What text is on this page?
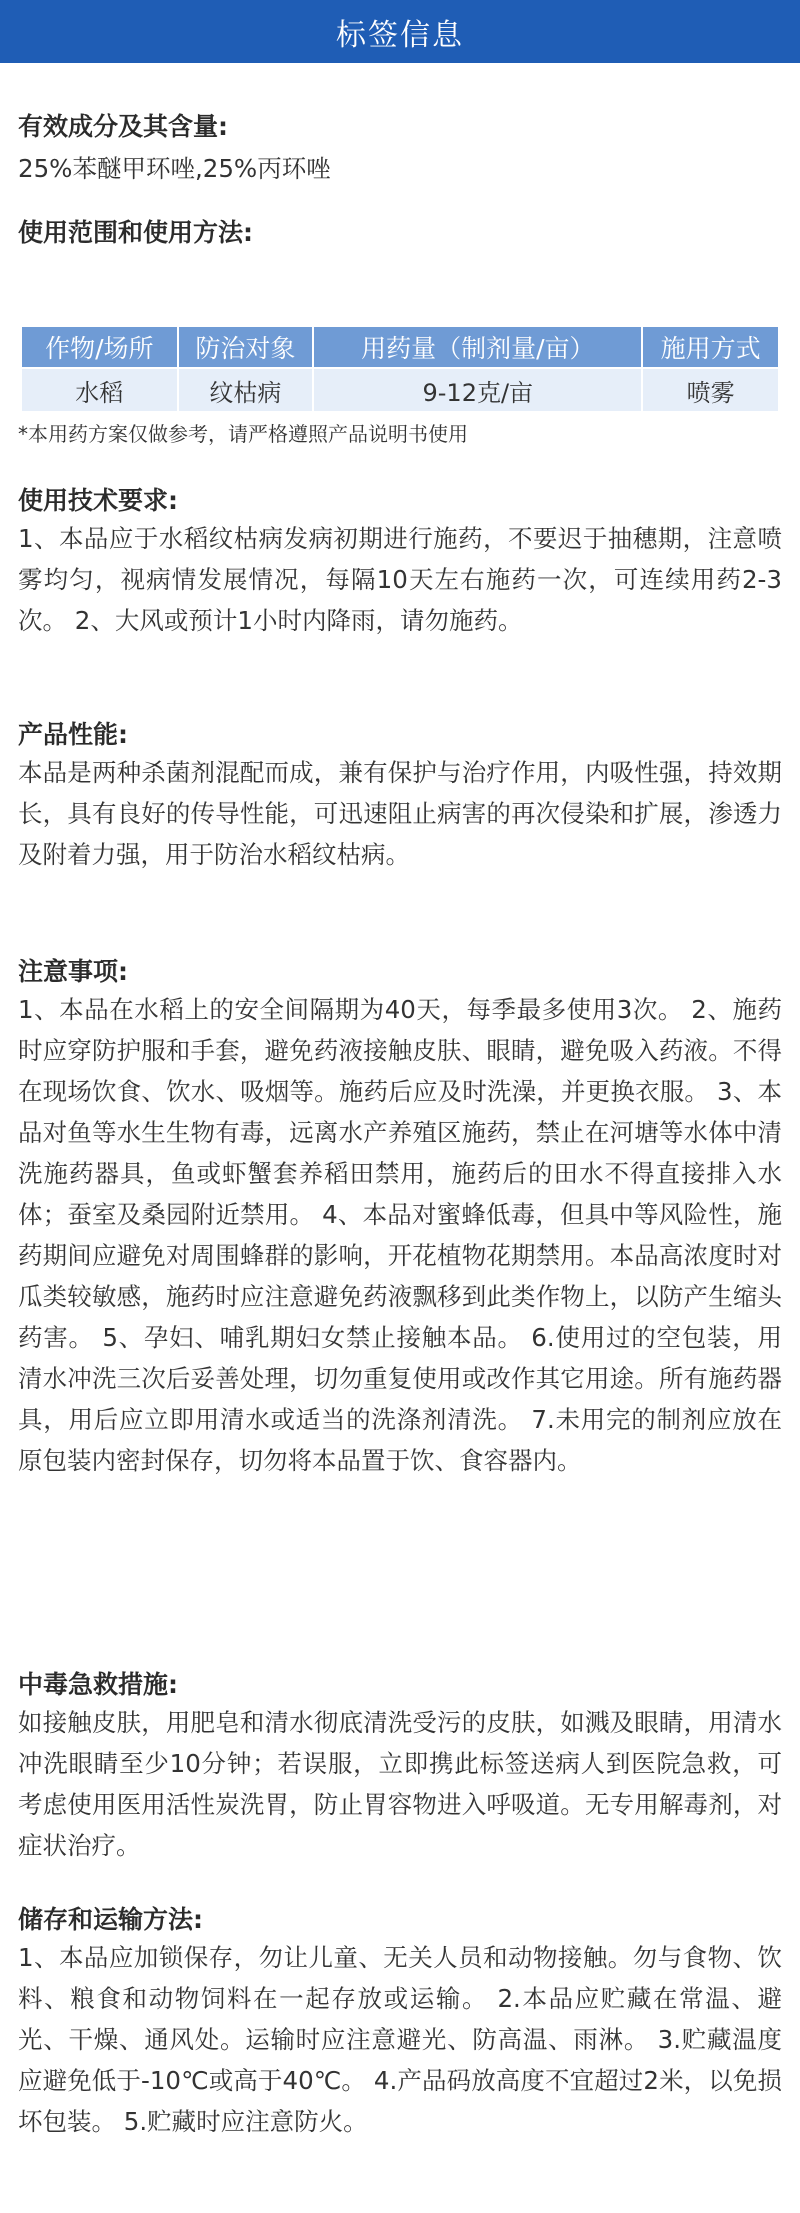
标签信息
有效成分及其含量:
25%苯醚甲环唑,25%丙环唑
使用范围和使用方法:
作物/场所	防治对象	用药量（制剂量/亩）	施用方式
水稻	纹枯病	9-12克/亩	喷雾
*本用药方案仅做参考，请严格遵照产品说明书使用
使用技术要求:
1、本品应于水稻纹枯病发病初期进行施药，不要迟于抽穗期，注意喷雾均匀，视病情发展情况，每隔10天左右施药一次，可连续用药2-3次。 2、大风或预计1小时内降雨，请勿施药。
产品性能:
本品是两种杀菌剂混配而成，兼有保护与治疗作用，内吸性强，持效期长，具有良好的传导性能，可迅速阻止病害的再次侵染和扩展，渗透力及附着力强，用于防治水稻纹枯病。
注意事项:
1、本品在水稻上的安全间隔期为40天，每季最多使用3次。 2、施药时应穿防护服和手套，避免药液接触皮肤、眼睛，避免吸入药液。不得在现场饮食、饮水、吸烟等。施药后应及时洗澡，并更换衣服。 3、本品对鱼等水生生物有毒，远离水产养殖区施药，禁止在河塘等水体中清洗施药器具，鱼或虾蟹套养稻田禁用，施药后的田水不得直接排入水体；蚕室及桑园附近禁用。 4、本品对蜜蜂低毒，但具中等风险性，施药期间应避免对周围蜂群的影响，开花植物花期禁用。本品高浓度时对瓜类较敏感，施药时应注意避免药液飘移到此类作物上，以防产生缩头药害。 5、孕妇、哺乳期妇女禁止接触本品。 6.使用过的空包装，用清水冲洗三次后妥善处理，切勿重复使用或改作其它用途。所有施药器具，用后应立即用清水或适当的洗涤剂清洗。 7.未用完的制剂应放在原包装内密封保存，切勿将本品置于饮、食容器内。
中毒急救措施:
如接触皮肤，用肥皂和清水彻底清洗受污的皮肤，如溅及眼睛，用清水冲洗眼睛至少10分钟；若误服，立即携此标签送病人到医院急救，可考虑使用医用活性炭洗胃，防止胃容物进入呼吸道。无专用解毒剂，对症状治疗。
储存和运输方法:
1、本品应加锁保存，勿让儿童、无关人员和动物接触。勿与食物、饮料、粮食和动物饲料在一起存放或运输。 2.本品应贮藏在常温、避光、干燥、通风处。运输时应注意避光、防高温、雨淋。 3.贮藏温度应避免低于-10℃或高于40℃。 4.产品码放高度不宜超过2米，以免损坏包装。 5.贮藏时应注意防火。
